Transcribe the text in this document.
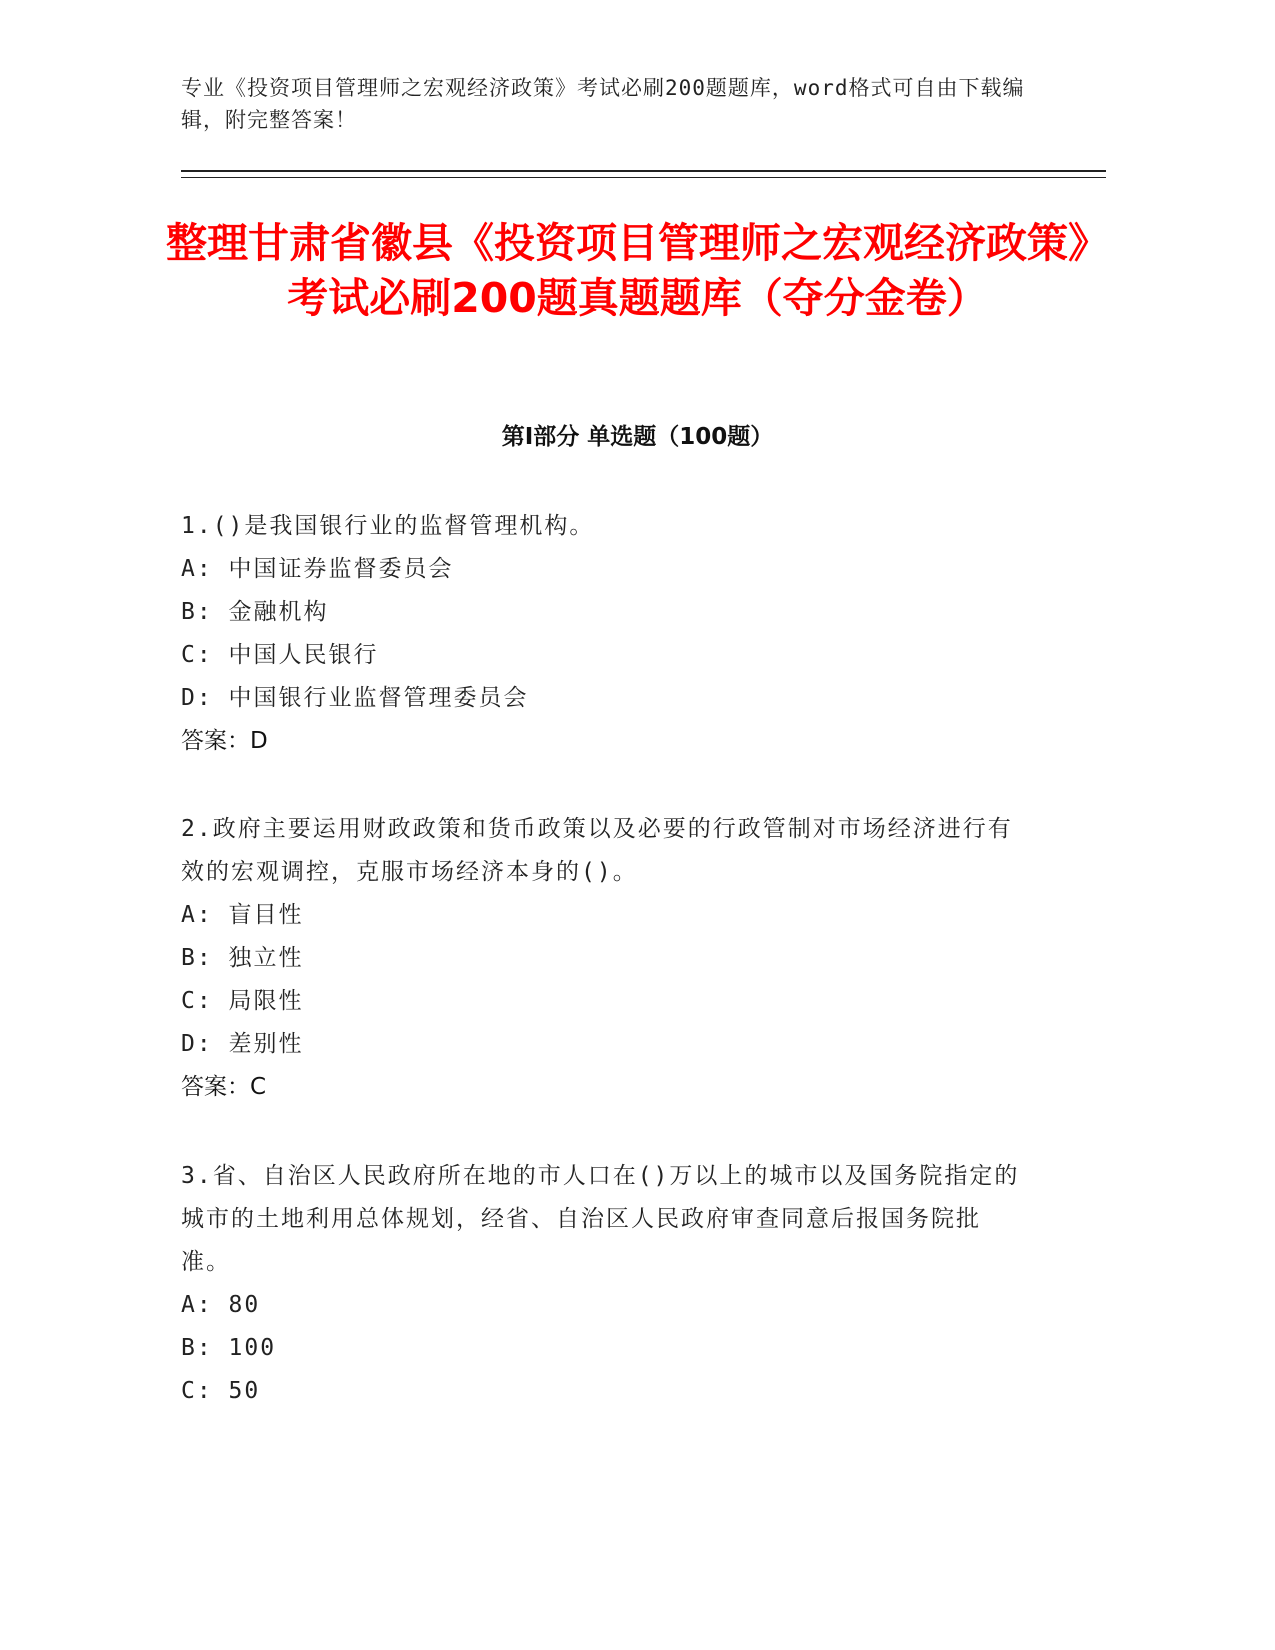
专业《投资项目管理师之宏观经济政策》考试必刷200题题库，word格式可自由下载编辑，附完整答案！
整理甘肃省徽县《投资项目管理师之宏观经济政策》考试必刷200题真题题库（夺分金卷）
第Ⅰ部分 单选题（100题）

1.()是我国银行业的监督管理机构。

A: 中国证券监督委员会

B: 金融机构

C: 中国人民银行

D: 中国银行业监督管理委员会

答案：D

2.政府主要运用财政政策和货币政策以及必要的行政管制对市场经济进行有效的宏观调控，克服市场经济本身的()。

A: 盲目性

B: 独立性

C: 局限性

D: 差别性

答案：C

3.省、自治区人民政府所在地的市人口在()万以上的城市以及国务院指定的城市的土地利用总体规划，经省、自治区人民政府审查同意后报国务院批准。

A: 80

B: 100

C: 50
